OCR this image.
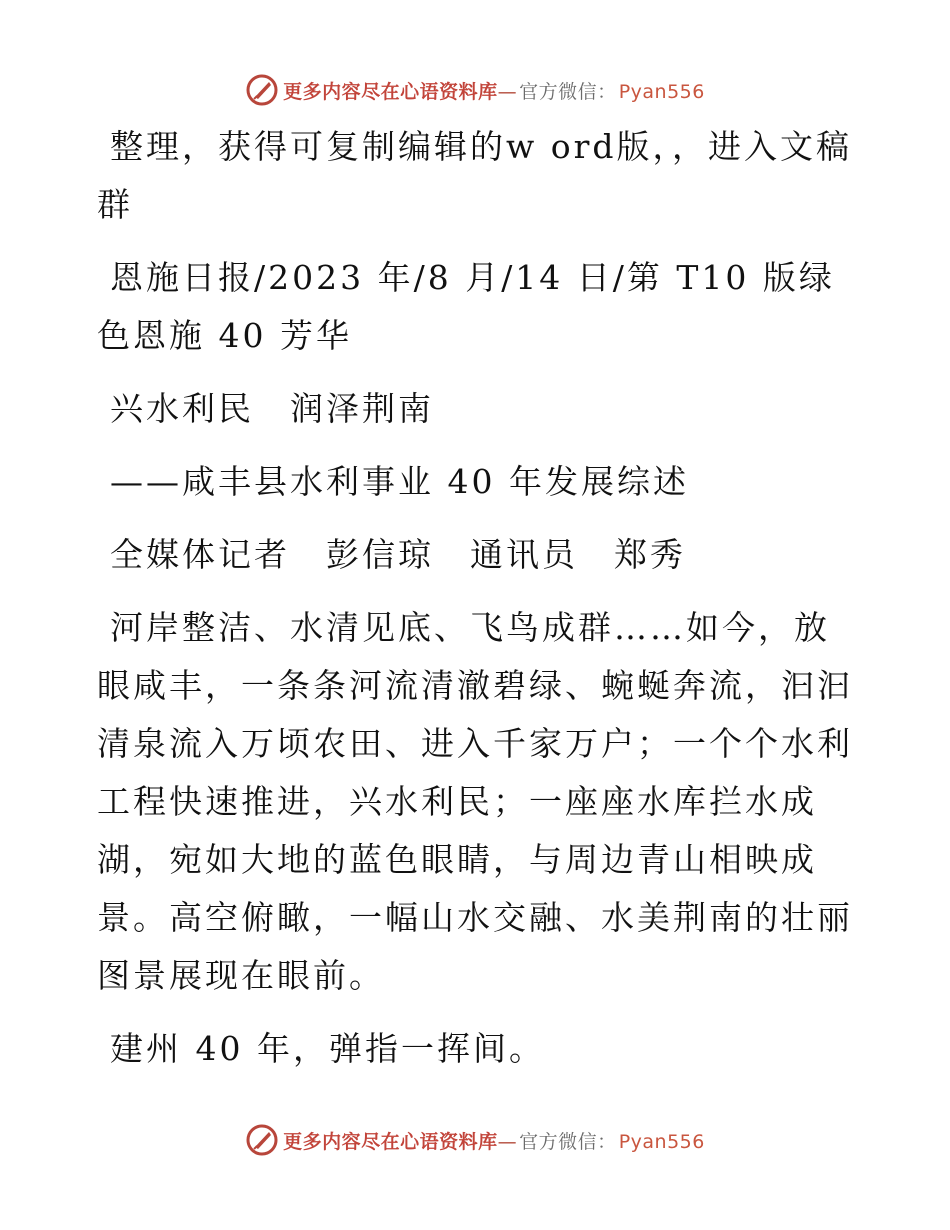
更多内容尽在心语资料库— 官方微信： Pyan556

整理，获得可复制编辑的w ord版，，进入文稿群

恩施日报/2023 年/8 月/14 日/第 T10 版绿色恩施 40 芳华

兴水利民　润泽荆南

——咸丰县水利事业 40 年发展综述

全媒体记者　彭信琼　通讯员　郑秀

河岸整洁、水清见底、飞鸟成群……如今，放眼咸丰，一条条河流清澈碧绿、蜿蜒奔流，汩汩清泉流入万顷农田、进入千家万户；一个个水利工程快速推进，兴水利民；一座座水库拦水成湖，宛如大地的蓝色眼睛，与周边青山相映成景。高空俯瞰，一幅山水交融、水美荆南的壮丽图景展现在眼前。

建州 40 年，弹指一挥间。

更多内容尽在心语资料库— 官方微信： Pyan556
